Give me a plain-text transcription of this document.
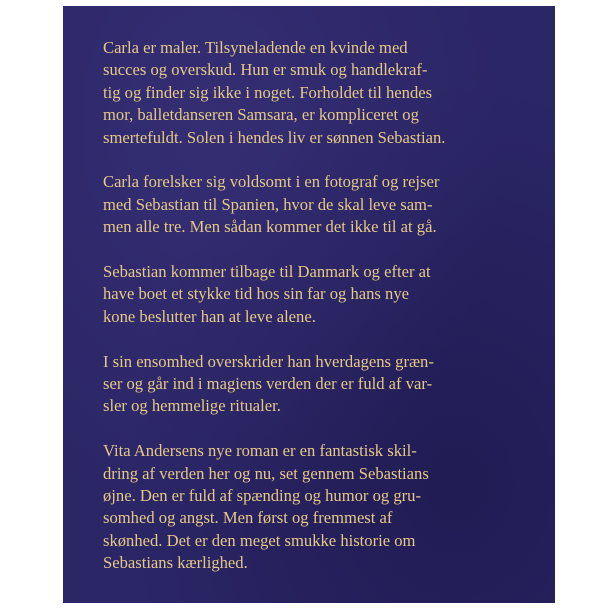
Carla er maler. Tilsyneladende en kvinde med
succes og overskud. Hun er smuk og handlekraf-
tig og finder sig ikke i noget. Forholdet til hendes
mor, balletdanseren Samsara, er kompliceret og
smertefuldt. Solen i hendes liv er sønnen Sebastian.

Carla forelsker sig voldsomt i en fotograf og rejser
med Sebastian til Spanien, hvor de skal leve sam-
men alle tre. Men sådan kommer det ikke til at gå.

Sebastian kommer tilbage til Danmark og efter at
have boet et stykke tid hos sin far og hans nye
kone beslutter han at leve alene.

I sin ensomhed overskrider han hverdagens græn-
ser og går ind i magiens verden der er fuld af var-
sler og hemmelige ritualer.

Vita Andersens nye roman er en fantastisk skil-
dring af verden her og nu, set gennem Sebastians
øjne. Den er fuld af spænding og humor og gru-
somhed og angst. Men først og fremmest af
skønhed. Det er den meget smukke historie om
Sebastians kærlighed.
